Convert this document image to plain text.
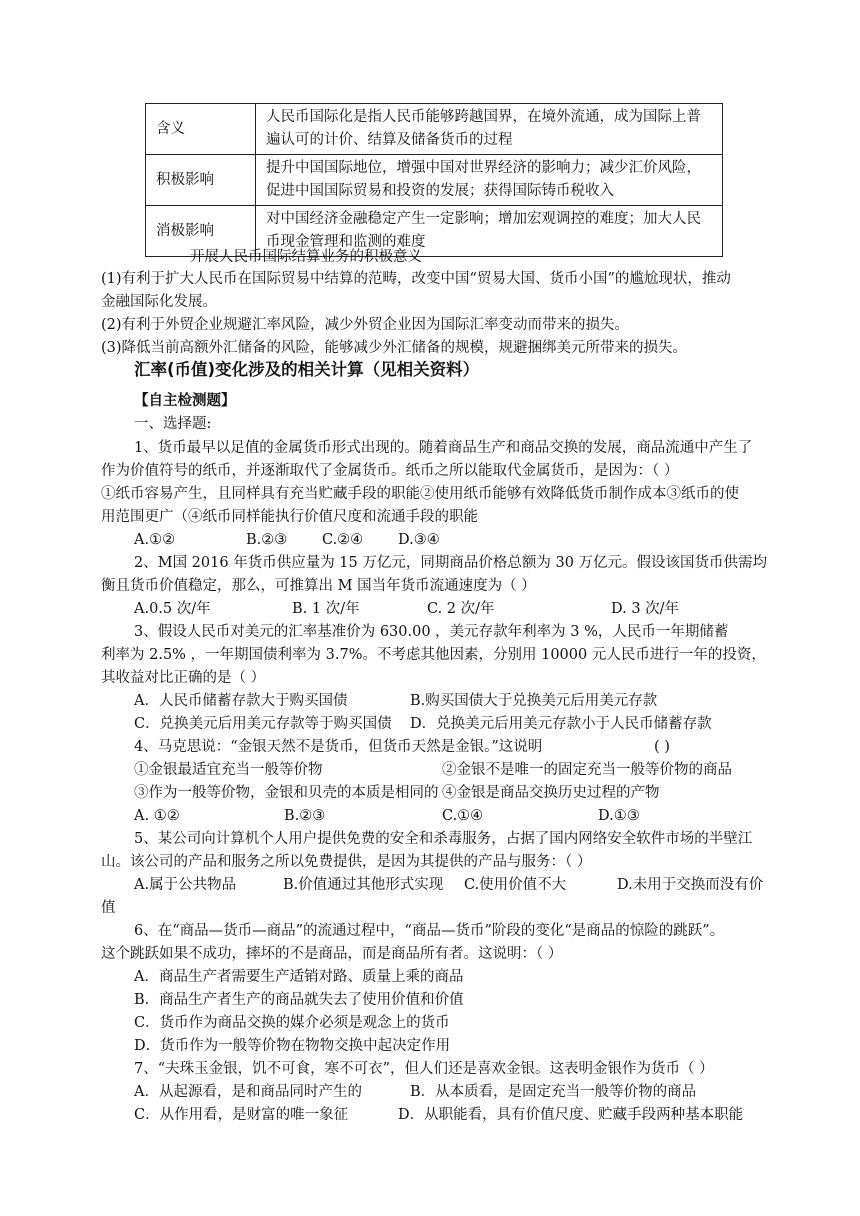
含义	人民币国际化是指人民币能够跨越国界，在境外流通，成为国际上普
遍认可的计价、结算及储备货币的过程
积极影响	提升中国国际地位，增强中国对世界经济的影响力；减少汇价风险，
促进中国国际贸易和投资的发展；获得国际铸币税收入
消极影响	对中国经济金融稳定产生一定影响；增加宏观调控的难度；加大人民
币现金管理和监测的难度
开展人民币国际结算业务的积极意义
(1)有利于扩大人民币在国际贸易中结算的范畴，改变中国“贸易大国、货币小国”的尴尬现状，推动
金融国际化发展。
(2)有利于外贸企业规避汇率风险，减少外贸企业因为国际汇率变动而带来的损失。
(3)降低当前高额外汇储备的风险，能够减少外汇储备的规模，规避捆绑美元所带来的损失。
汇率(币值)变化涉及的相关计算（见相关资料）
【自主检测题】
一、选择题:
1、货币最早以足值的金属货币形式出现的。随着商品生产和商品交换的发展，商品流通中产生了
作为价值符号的纸币，并逐渐取代了金属货币。纸币之所以能取代金属货币，是因为：（ ）
①纸币容易产生，且同样具有充当贮藏手段的职能②使用纸币能够有效降低货币制作成本③纸币的使
用范围更广（④纸币同样能执行价值尺度和流通手段的职能
A.①②	B.②③ C.②④ D.③④
2、M国 2016 年货币供应量为 15 万亿元，同期商品价格总额为 30 万亿元。假设该国货币供需均
衡且货币价值稳定，那么，可推算出 M 国当年货币流通速度为（ ）
A.0.5 次/年	B. 1 次/年	C. 2 次/年	D. 3 次/年
3、假设人民币对美元的汇率基准价为 630.00 ，美元存款年利率为 3 %，人民币一年期储蓄
利率为 2.5% ，一年期国债利率为 3.7%。不考虑其他因素，分别用 10000 元人民币进行一年的投资，
其收益对比正确的是（ ）
A．人民币储蓄存款大于购买国债	B.购买国债大于兑换美元后用美元存款
C．兑换美元后用美元存款等于购买国债 D．兑换美元后用美元存款小于人民币储蓄存款
4、马克思说：“金银天然不是货币，但货币天然是金银。”这说明	( )
①金银最适宜充当一般等价物	②金银不是唯一的固定充当一般等价物的商品
③作为一般等价物，金银和贝壳的本质是相同的 ④金银是商品交换历史过程的产物
A. ①②	B.②③	C.①④	D.①③
5、某公司向计算机个人用户提供免费的安全和杀毒服务，占据了国内网络安全软件市场的半壁江
山。该公司的产品和服务之所以免费提供，是因为其提供的产品与服务：（ ）
A.属于公共物品	B.价值通过其他形式实现 C.使用价值不大	D.未用于交换而没有价
值
6、在“商品—货币—商品”的流通过程中，“商品—货币”阶段的变化“是商品的惊险的跳跃”。
这个跳跃如果不成功，摔坏的不是商品，而是商品所有者。这说明：（ ）
A．商品生产者需要生产适销对路、质量上乘的商品
B．商品生产者生产的商品就失去了使用价值和价值
C．货币作为商品交换的媒介必须是观念上的货币
D．货币作为一般等价物在物物交换中起决定作用
7、“夫珠玉金银，饥不可食，寒不可衣”，但人们还是喜欢金银。这表明金银作为货币（ ）
A．从起源看，是和商品同时产生的	B．从本质看，是固定充当一般等价物的商品
C．从作用看，是财富的唯一象征	D．从职能看，具有价值尺度、贮藏手段两种基本职能
